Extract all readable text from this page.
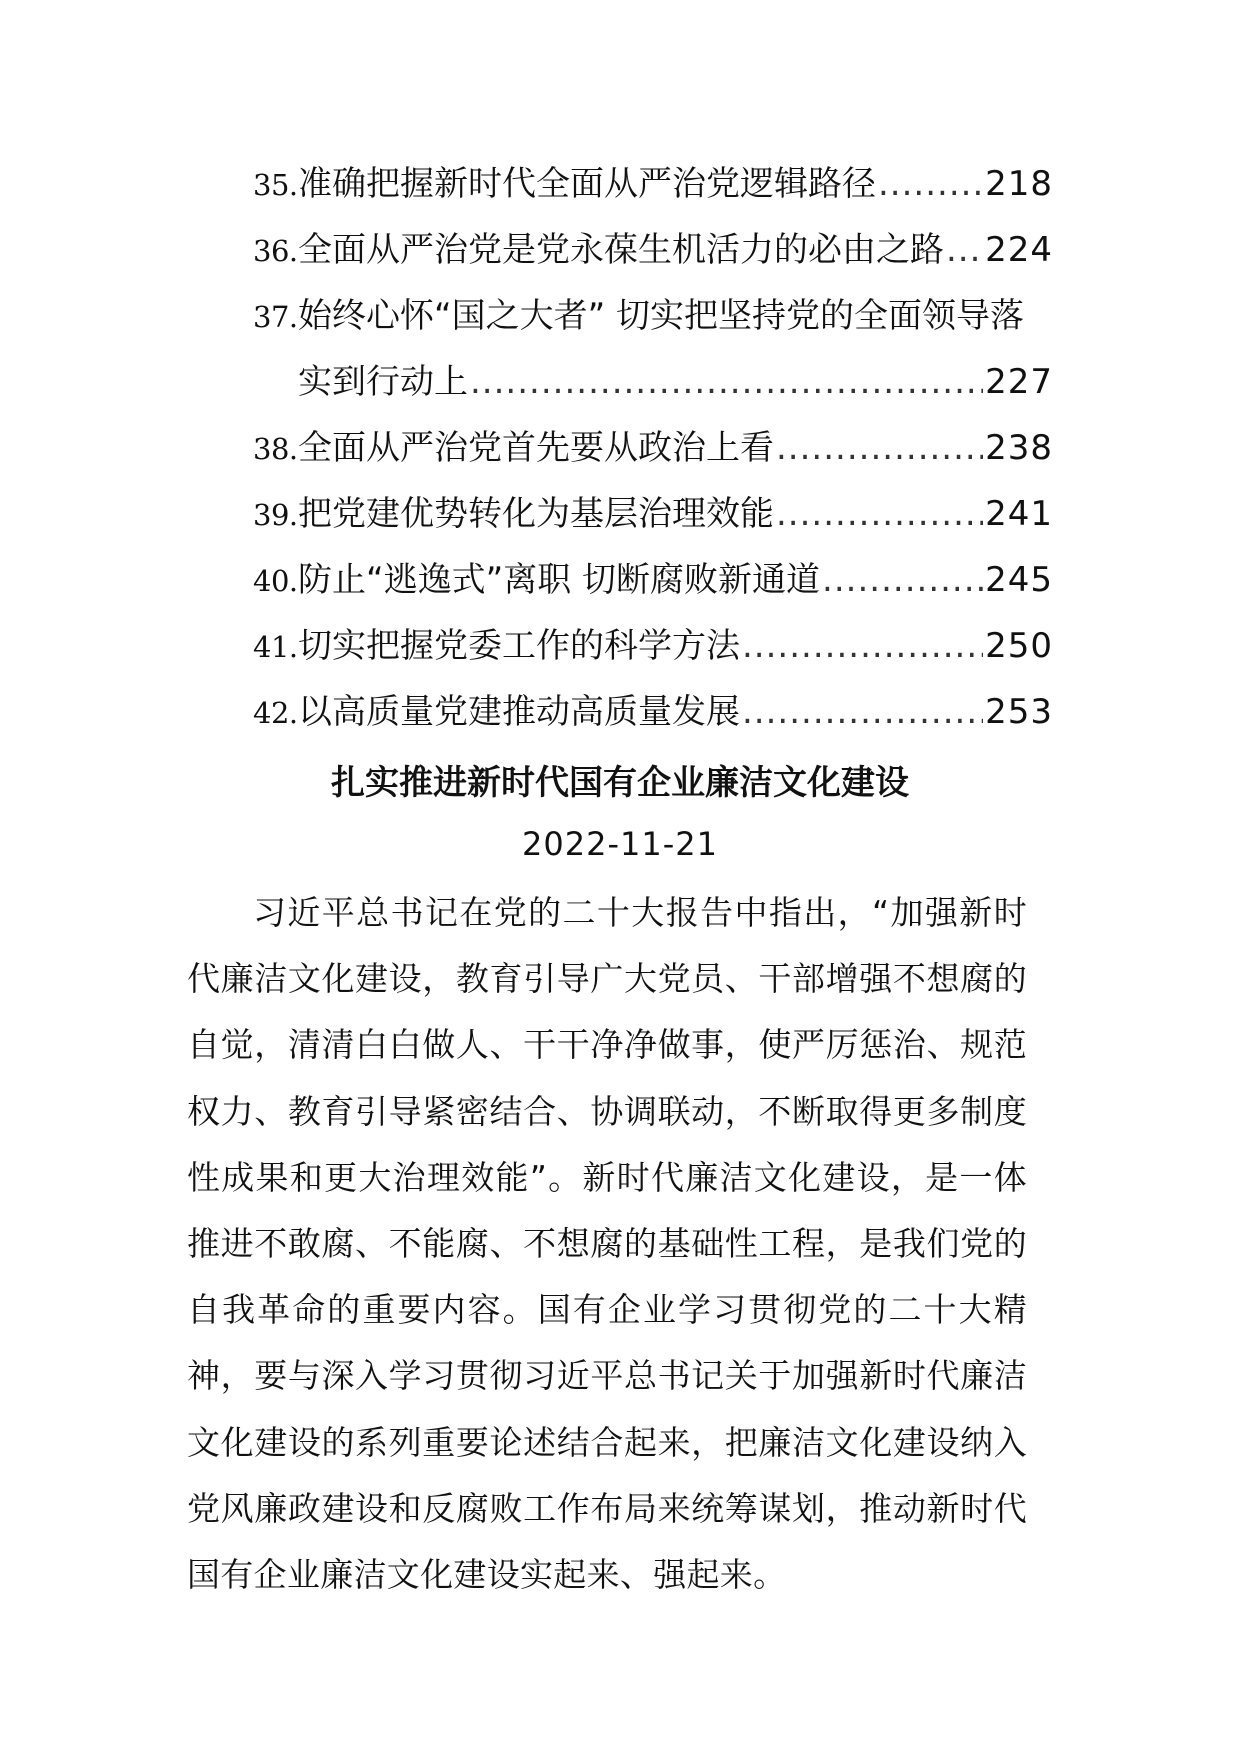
35. 准确把握新时代全面从严治党逻辑路径 .....	218
36. 全面从严治党是党永葆生机活力的必由之路 ..... 224
37. 始终心怀“国之大者” 切实把坚持党的全面领导落
实到行动上 .....	227
38. 全面从严治党首先要从政治上看 .....	238
39. 把党建优势转化为基层治理效能 .....	241
40. 防止“逃逸式”离职 切断腐败新通道 .....	245
41. 切实把握党委工作的科学方法 .....	250
42. 以高质量党建推动高质量发展 .....	253
扎实推进新时代国有企业廉洁文化建设
2022-11-21

习近平总书记在党的二十大报告中指出，“加强新时代廉洁文化建设，教育引导广大党员、干部增强不想腐的自觉，清清白白做人、干干净净做事，使严厉惩治、规范权力、教育引导紧密结合、协调联动，不断取得更多制度性成果和更大治理效能”。新时代廉洁文化建设，是一体推进不敢腐、不能腐、不想腐的基础性工程，是我们党的自我革命的重要内容。国有企业学习贯彻党的二十大精神，要与深入学习贯彻习近平总书记关于加强新时代廉洁文化建设的系列重要论述结合起来，把廉洁文化建设纳入党风廉政建设和反腐败工作布局来统筹谋划，推动新时代国有企业廉洁文化建设实起来、强起来。
